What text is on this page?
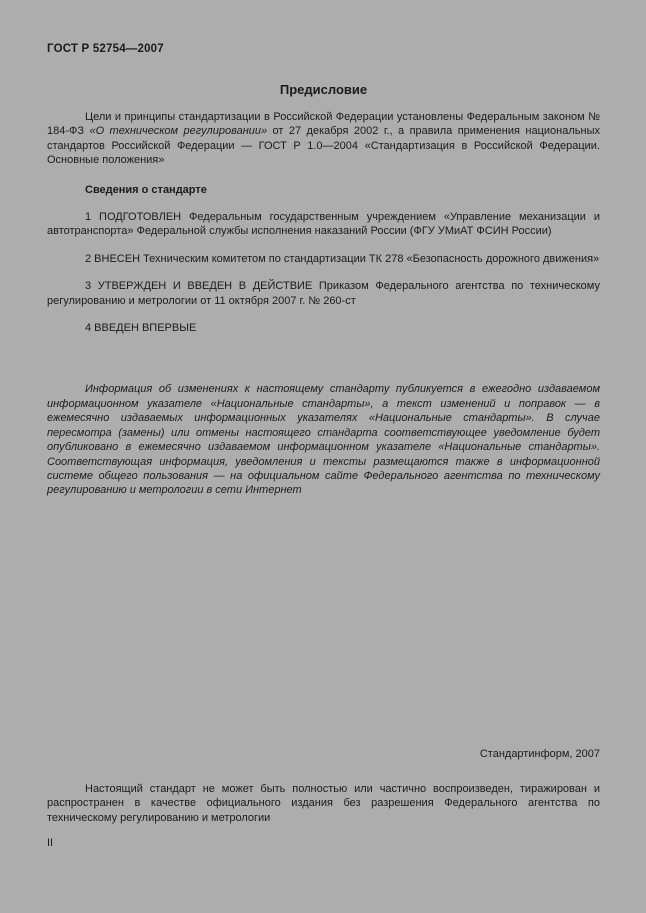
ГОСТ Р 52754—2007
Предисловие

Цели и принципы стандартизации в Российской Федерации установлены Федеральным законом № 184-ФЗ «О техническом регулировании» от 27 декабря 2002 г., а правила применения национальных стандартов Российской Федерации — ГОСТ Р 1.0—2004 «Стандартизация в Российской Федерации. Основные положения»

Сведения о стандарте

1 ПОДГОТОВЛЕН Федеральным государственным учреждением «Управление механизации и автотранспорта» Федеральной службы исполнения наказаний России (ФГУ УМиАТ ФСИН России)

2 ВНЕСЕН Техническим комитетом по стандартизации ТК 278 «Безопасность дорожного движения»

3 УТВЕРЖДЕН И ВВЕДЕН В ДЕЙСТВИЕ Приказом Федерального агентства по техническому регулированию и метрологии от 11 октября 2007 г. № 260-ст

4 ВВЕДЕН ВПЕРВЫЕ

Информация об изменениях к настоящему стандарту публикуется в ежегодно издаваемом информационном указателе «Национальные стандарты», а текст изменений и поправок — в ежемесячно издаваемых информационных указателях «Национальные стандарты». В случае пересмотра (замены) или отмены настоящего стандарта соответствующее уведомление будет опубликовано в ежемесячно издаваемом информационном указателе «Национальные стандарты». Соответствующая информация, уведомления и тексты размещаются также в информационной системе общего пользования — на официальном сайте Федерального агентства по техническому регулированию и метрологии в сети Интернет

Стандартинформ, 2007

Настоящий стандарт не может быть полностью или частично воспроизведен, тиражирован и распространен в качестве официального издания без разрешения Федерального агентства по техническому регулированию и метрологии

II
